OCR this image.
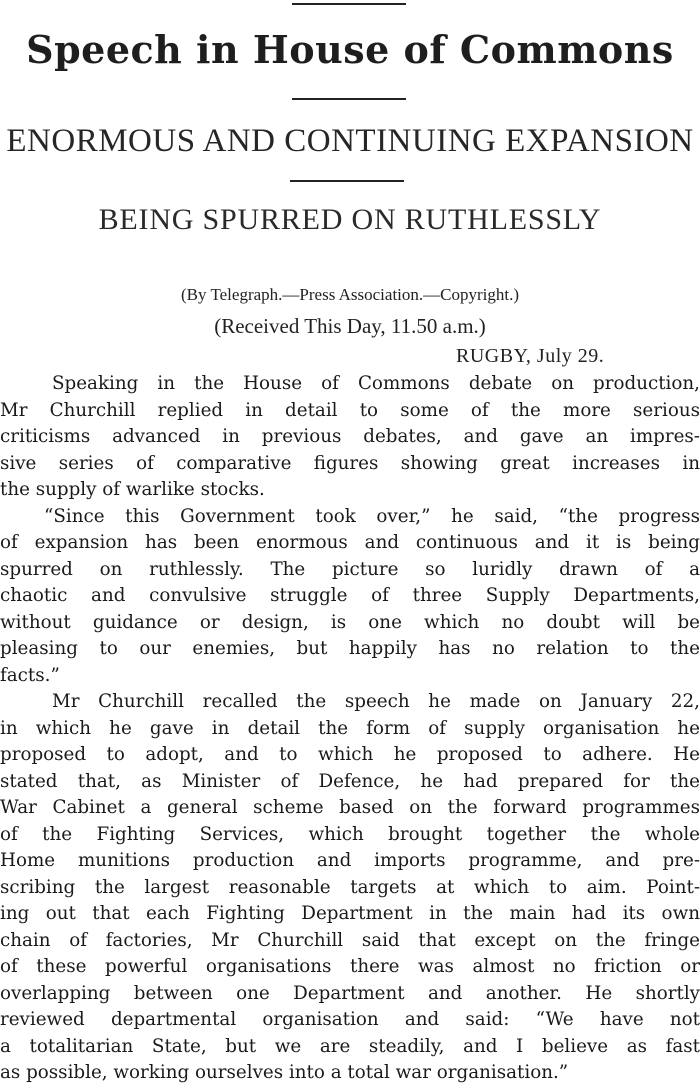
Speech in House of Commons
ENORMOUS AND CONTINUING EXPANSION
BEING SPURRED ON RUTHLESSLY
(By Telegraph.—Press Association.—Copyright.)
(Received This Day, 11.50 a.m.)
RUGBY, July 29.
Speaking in the House of Commons debate on production,
Mr Churchill replied in detail to some of the more serious
criticisms advanced in previous debates, and gave an impres-
sive series of comparative figures showing great increases in
the supply of warlike stocks.
“Since this Government took over,” he said, “the progress
of expansion has been enormous and continuous and it is being
spurred on ruthlessly. The picture so luridly drawn of a
chaotic and convulsive struggle of three Supply Departments,
without guidance or design, is one which no doubt will be
pleasing to our enemies, but happily has no relation to the
facts.”
Mr Churchill recalled the speech he made on January 22,
in which he gave in detail the form of supply organisation he
proposed to adopt, and to which he proposed to adhere. He
stated that, as Minister of Defence, he had prepared for the
War Cabinet a general scheme based on the forward programmes
of the Fighting Services, which brought together the whole
Home munitions production and imports programme, and pre-
scribing the largest reasonable targets at which to aim. Point-
ing out that each Fighting Department in the main had its own
chain of factories, Mr Churchill said that except on the fringe
of these powerful organisations there was almost no friction or
overlapping between one Department and another. He shortly
reviewed departmental organisation and said: “We have not
a totalitarian State, but we are steadily, and I believe as fast
as possible, working ourselves into a total war organisation.”
